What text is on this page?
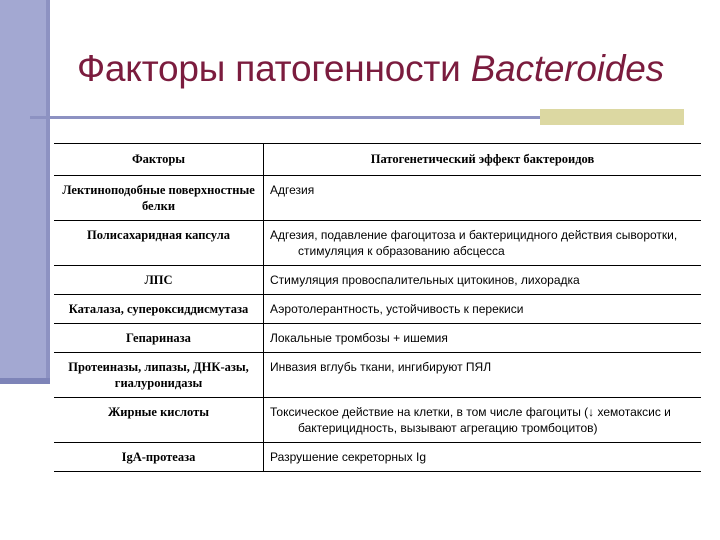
Факторы патогенности Bacteroides
Факторы	Патогенетический эффект бактероидов
Лектиноподобные поверхностные белки	Адгезия

Полисахаридная капсула	Адгезия, подавление фагоцитоза и бактерицидного действия сыворотки, стимуляция к образованию абсцесса

ЛПС	Стимуляция провоспалительных цитокинов, лихорадка

Каталаза, супероксиддисмутаза	Аэротолерантность, устойчивость к перекиси

Гепариназа	Локальные тромбозы + ишемия

Протеиназы, липазы, ДНК-азы, гиалуронидазы	Инвазия вглубь ткани, ингибируют ПЯЛ

Жирные кислоты	Токсическое действие на клетки, в том числе фагоциты (↓ хемотаксис и бактерицидность, вызывают агрегацию тромбоцитов)

IgA-протеаза	Разрушение секреторных Ig
